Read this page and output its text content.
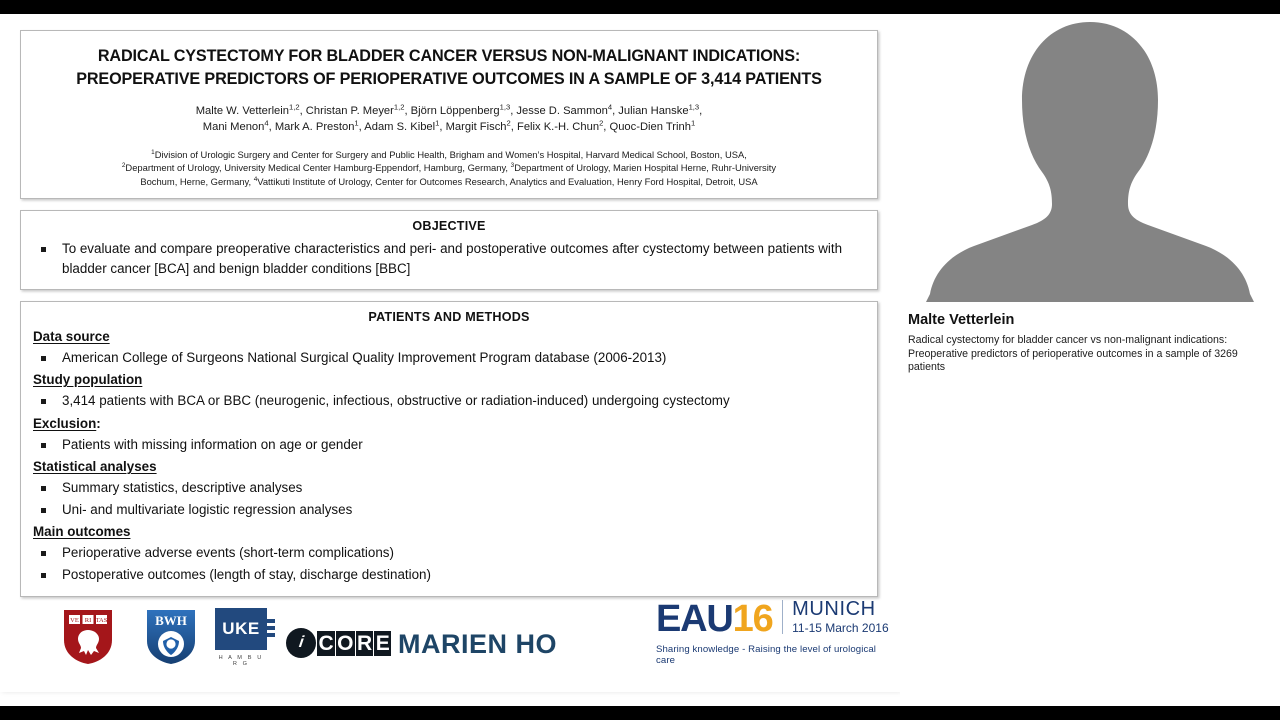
RADICAL CYSTECTOMY FOR BLADDER CANCER VERSUS NON-MALIGNANT INDICATIONS:
PREOPERATIVE PREDICTORS OF PERIOPERATIVE OUTCOMES IN A SAMPLE OF 3,414 PATIENTS
Malte W. Vetterlein$^{1,2}$, Christan P. Meyer$^{1,2}$, Björn Löppenberg$^{1,3}$, Jesse D. Sammon$^4$, Julian Hanske$^{1,3}$,
Mani Menon$^4$, Mark A. Preston$^1$, Adam S. Kibel$^1$, Margit Fisch$^2$, Felix K.-H. Chun$^2$, Quoc-Dien Trinh$^1$
$^1$Division of Urologic Surgery and Center for Surgery and Public Health, Brigham and Women’s Hospital, Harvard Medical School, Boston, USA,
$^2$Department of Urology, University Medical Center Hamburg-Eppendorf, Hamburg, Germany, $^3$Department of Urology, Marien Hospital Herne, Ruhr-University
Bochum, Herne, Germany, $^4$Vattikuti Institute of Urology, Center for Outcomes Research, Analytics and Evaluation, Henry Ford Hospital, Detroit, USA
OBJECTIVE
To evaluate and compare preoperative characteristics and peri- and postoperative outcomes after cystectomy between patients with bladder cancer [BCA] and benign bladder conditions [BBC]
PATIENTS AND METHODS
Data source
American College of Surgeons National Surgical Quality Improvement Program database (2006-2013)
Study population
3,414 patients with BCA or BBC (neurogenic, infectious, obstructive or radiation-induced) undergoing cystectomy
Exclusion:
Patients with missing information on age or gender
Statistical analyses
Summary statistics, descriptive analyses
Uni- and multivariate logistic regression analyses
Main outcomes
Perioperative adverse events (short-term complications)
Postoperative outcomes (length of stay, discharge destination)
VE RI TAS	BWH UKE
H A M B U R G
i C O R E MARIEN HO
EAU16 MUNICH
11-15 March 2016
Sharing knowledge - Raising the level of urological care
Malte Vetterlein
Radical cystectomy for bladder cancer vs non-malignant indications: Preoperative predictors of perioperative outcomes in a sample of 3269 patients
